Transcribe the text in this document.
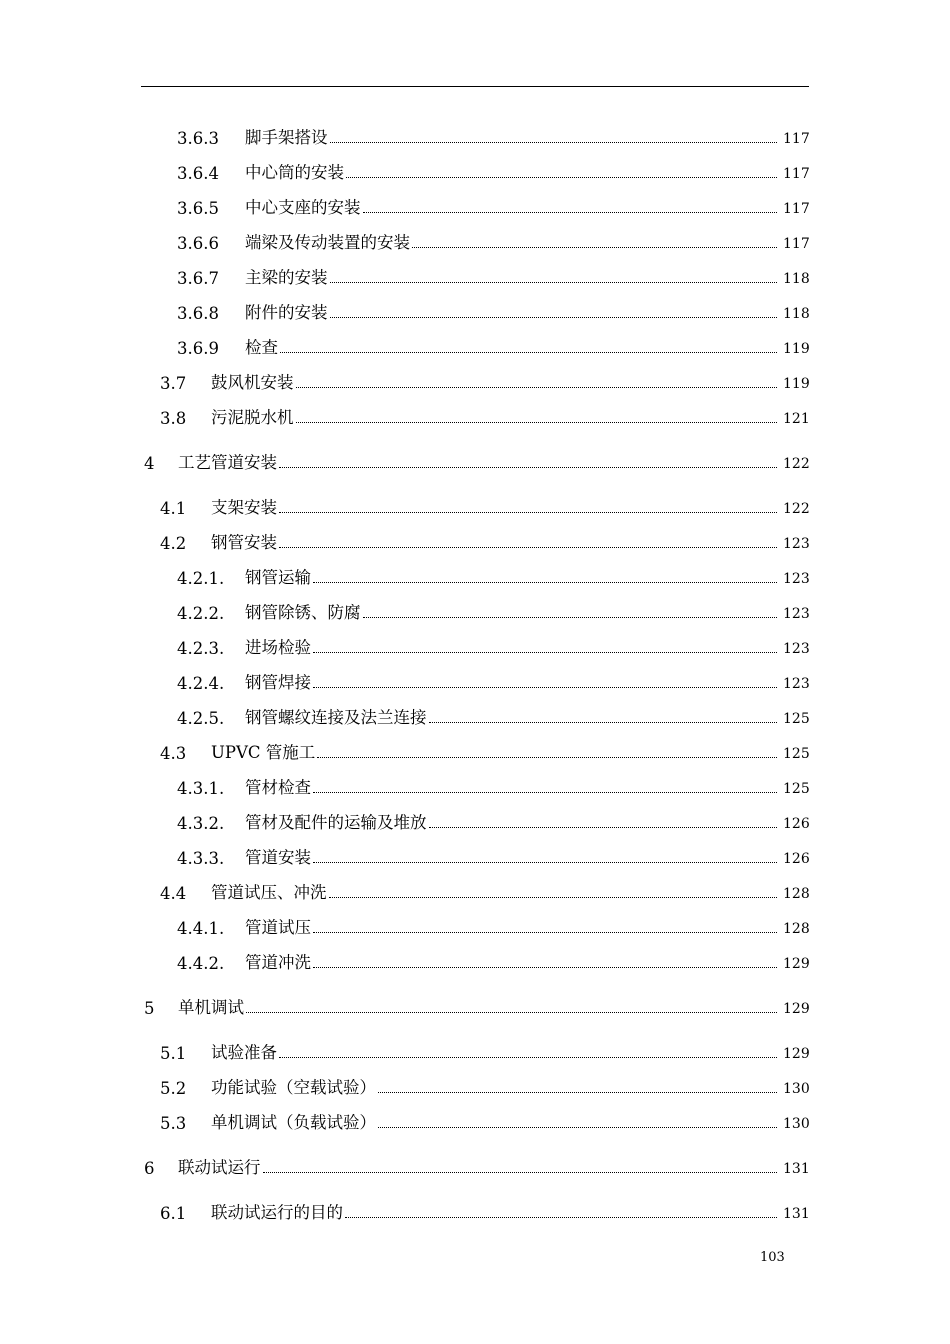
3.6.3	脚手架搭设	117
3.6.4	中心筒的安装	117
3.6.5	中心支座的安装	117
3.6.6	端梁及传动装置的安装	117
3.6.7	主梁的安装	118
3.6.8	附件的安装	118
3.6.9	检查	119
3.7	鼓风机安装	119
3.8	污泥脱水机	121
4	工艺管道安装	122
4.1	支架安装	122
4.2	钢管安装	123
4.2.1.	钢管运输	123
4.2.2.	钢管除锈、防腐	123
4.2.3.	进场检验	123
4.2.4.	钢管焊接	123
4.2.5.	钢管螺纹连接及法兰连接	125
4.3	UPVC 管施工	125
4.3.1.	管材检查	125
4.3.2.	管材及配件的运输及堆放	126
4.3.3.	管道安装	126
4.4	管道试压、冲洗	128
4.4.1.	管道试压	128
4.4.2.	管道冲洗	129
5	单机调试	129
5.1	试验准备	129
5.2	功能试验（空载试验）	130
5.3	单机调试（负载试验）	130
6	联动试运行	131
6.1	联动试运行的目的	131
103
